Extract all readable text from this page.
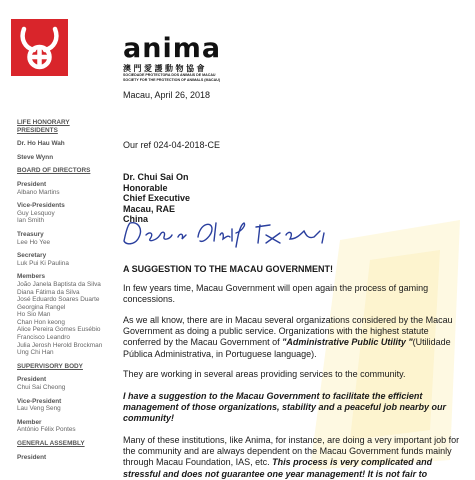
anima
澳門愛護動物協會
SOCIEDADE PROTECTORA DOS ANIMAIS DE MACAU
SOCIETY FOR THE PROTECTION OF ANIMALS (MACAU)
LIFE HONORARY PRESIDENTS
Dr. Ho Hau Wah
Steve Wynn
BOARD OF DIRECTORS
President
Albano Martins
Vice-Presidents
Guy Lesquoy
Ian Smith
Treasury
Lee Ho Yee
Secretary
Luk Pui Ki Paulina
Members
João Janela Baptista da Silva
Diana Fátima da Silva
José Eduardo Soares Duarte
Georgina Rangel
Ho Sio Man
Chan Hon keong
Alice Pereira Gomes Eusébio
Francisco Leandro
Julia Jerosh Herold Brockman
Ung Chi Han
SUPERVISORY BODY
President
Chui Sai Cheong
Vice-President
Lau Veng Seng
Member
António Félix Pontes
GENERAL ASSEMBLY
President
Macau, April 26, 2018
Our ref 024-04-2018-CE
Dr. Chui Sai On
Honorable
Chief Executive
Macau, RAE
China
A SUGGESTION TO THE MACAU GOVERNMENT!

In few years time, Macau Government will open again the process of gaming concessions.

As we all know, there are in Macau several organizations considered by the Macau Government as doing a public service. Organizations with the highest statute conferred by the Macau Government of "Administrative Public Utility "(Utilidade Pública Administrativa, in Portuguese language).

They are working in several areas providing services to the community.

I have a suggestion to the Macau Government to facilitate the efficient management of those organizations, stability and a peaceful job nearby our community!

Many of these institutions, like Anima, for instance, are doing a very important job for the community and are always dependent on the Macau Government funds mainly through Macau Foundation, IAS, etc. This process is very complicated and stressful and does not guarantee one year management! It is not fair to
